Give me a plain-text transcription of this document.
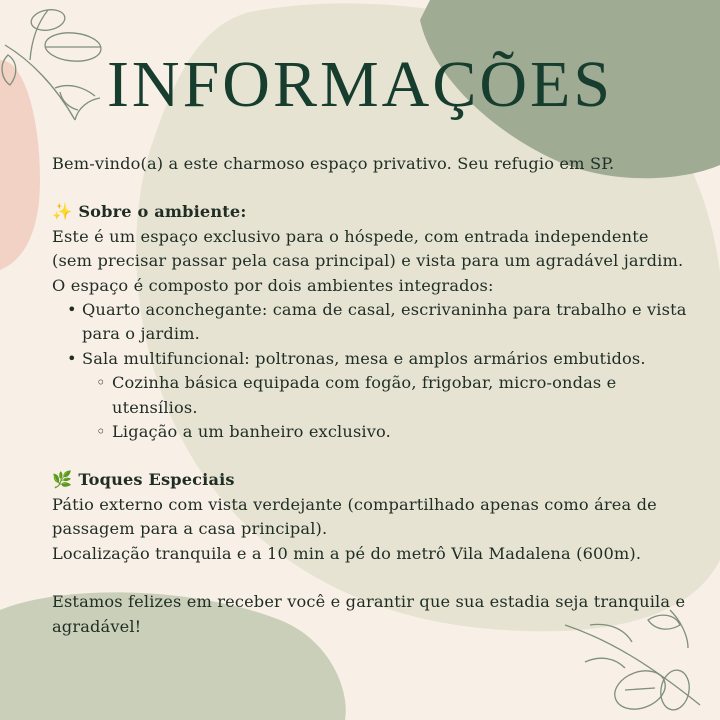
INFORMAÇÕES

Bem-vindo(a) a este charmoso espaço privativo. Seu refugio em SP.

✨ Sobre o ambiente:

Este é um espaço exclusivo para o hóspede, com entrada independente (sem precisar passar pela casa principal) e vista para um agradável jardim.

O espaço é composto por dois ambientes integrados:

• Quarto aconchegante: cama de casal, escrivaninha para trabalho e vista para o jardim.
• Sala multifuncional: poltronas, mesa e amplos armários embutidos.
◦ Cozinha básica equipada com fogão, frigobar, micro-ondas e utensílios.
◦ Ligação a um banheiro exclusivo.

🌿 Toques Especiais

Pátio externo com vista verdejante (compartilhado apenas como área de passagem para a casa principal).

Localização tranquila e a 10 min a pé do metrô Vila Madalena (600m).

Estamos felizes em receber você e garantir que sua estadia seja tranquila e agradável!
